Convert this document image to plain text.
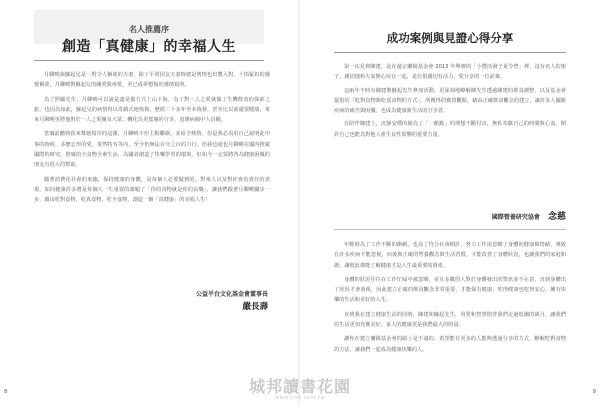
名人推薦序
創造「真健康」的幸福人生

月聊曉與蘇起兄是一對令人稱羨的夫妻，除了平常因友夫妻時總是賓情也出雙入對，十指緊扣的感覺稱羨，月聊曉對蘇起兄的關愛與疼愛，更已成夢想般的感情寫照。

為了照顧先生，月聊曉可以說是盡是傷力式上山下海，為了對一人之愛就做了生機飲食的探索之旅，也因為如此，蘇起兄的病情得以奇蹟式地恢復，歷經二十多年至未復發，甚至比以前還要健康，來來月聊曉更將他對於一人之愛擴及大眾，轉化為更寬廣的分享，追壞病痛中人員擬。

當個前聽到我來幫她寫序的這激，月聊曉不但主動聯絡，並給予熱情。但是我必須用自己說明此中事的時候，多麼忘形的愛，果然特有等內，至今仍無法百分之百的力行。但我也通也月聊曉在國內推廣國際的研究、推廣的全食物全素生活，為國者創造了快樂學習的環境，但如今一定要將各為健康困擾的朋友有很大的幫助。

隨著消費化社會的來臨，保持健康的身體，是每個人必要做到的。對來人以及對社會負責任的表現，如同健康許多將是每個人一生重要的課題了「你的食物就是你的良藥」，讓我們跟著月聊曉腳步一步，藉由吃對食物，吃真食物，吃全食物，創造一個「真健康」的幸福人生！

公益平台文化基金會董事長
嚴長壽
8
成功案例與見證心得分享

第一次見到陳建，是在還宗蘭陽基金會 2013 年舉辦的「小豐活潑子夏令營」裡，沒有名人的架子，親切地和大家開心玩在一起，是位很親切有活力、愛分享的一位前輩。

這兩年不時有陳建偕蘇起先生參加活動，更深刻地瞭解陳先生透過陳建的飲食調整，以及基金會提倡的「吃對食物與吃真食物的方式」，所獲得的寶貴觀點，藉由正確飲食觀念的建立，讓許多人擺脫疾病的痛苦與困擾，也成為健康新生活的分享者。

在陪伴陳建上，沉靜安穩的她為了「一點點」的理想不斷付出，無私奉獻自己的時間與心血，期許自己也能為對他人產生良性影響的重要力量。

國際營養研究協會 念慈

年輕時為了工作不斷的衝刺，也為了符合社會期許，努力工作卻忽略了身體的健康與情緒，導致在許多疾病不能忽視，而後與正確的營養觀念與生活習慣，才能改善了身體狀況，也讓我們的家庭和諧，讓彼此都能了解健康才是人生最重要的資產。

身體的狀況往往在工作忙碌中被忽略，並且多數的人對於身體發出的警訊並不在意，直到身體出了狀況才會重視，因此建立正確的飲食觀念非常重要，才能保有健康，吃得健康也吃得安心，擁有快樂的生活和美好的人生。

直到我在建立健康生活的同時，陳建和蘇起先生，用愛和智慧陪伴我們走過低潮的歲月，讓我們的生活更加充實美好，家人的健康更是我們最大的財富。

讓你在建立蘭陽基金會的路上是不遠的、希望能有更多的人能夠透過分享的方式，瞭解吃對食物的方法，讓我們一起成為健康快樂的人。

9
城邦讀書花園
www.cite.com.tw
